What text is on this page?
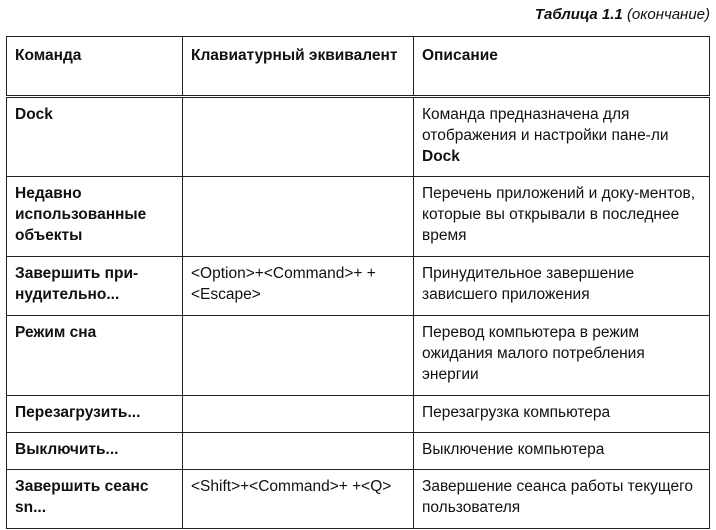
Таблица 1.1 (окончание)
Команда	Клавиатурный эквивалент	Описание
Dock		Команда предназначена для отображения и настройки пане-ли Dock
Недавно использованные объекты		Перечень приложений и доку-ментов, которые вы открывали в последнее время
Завершить при-нудительно...	<Option>+<Command>+ +<Escape>	Принудительное завершение зависшего приложения
Режим сна		Перевод компьютера в режим ожидания малого потребления энергии
Перезагрузить...		Перезагрузка компьютера
Выключить...		Выключение компьютера
Завершить сеанс sn...	<Shift>+<Command>+ +<Q>	Завершение сеанса работы текущего пользователя
